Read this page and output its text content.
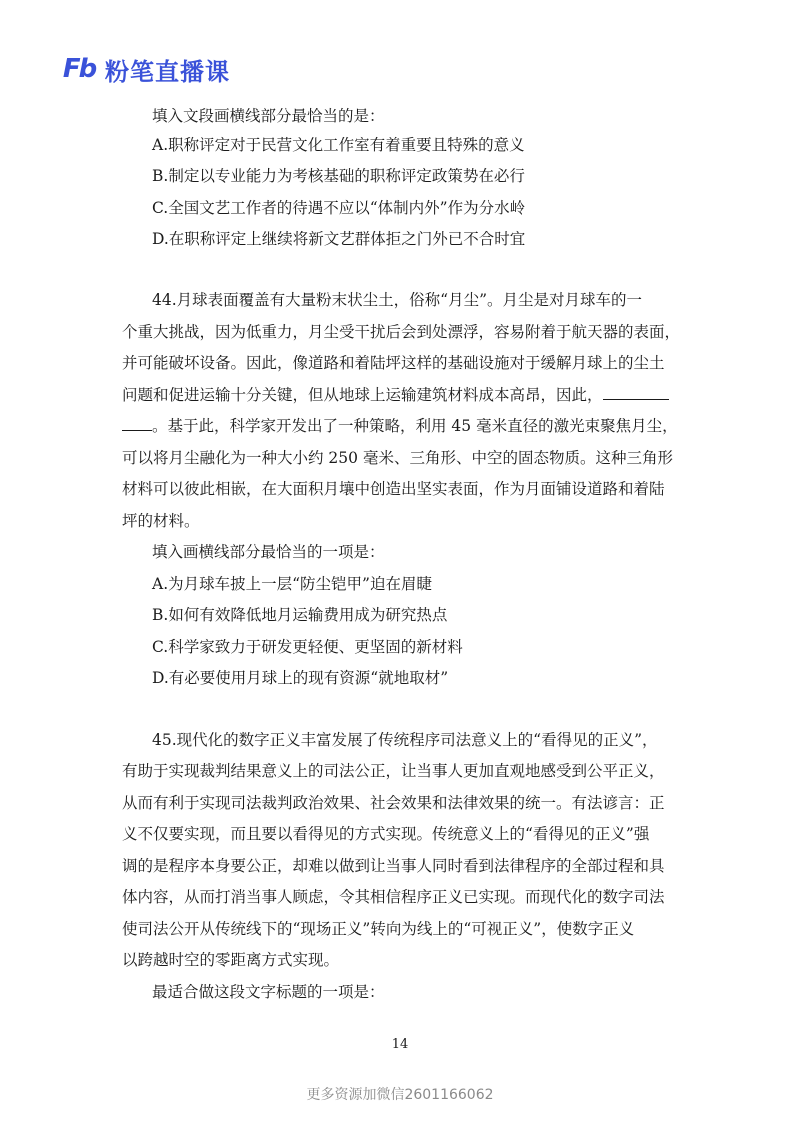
Fb 粉笔直播课
填入文段画横线部分最恰当的是：
A.职称评定对于民营文化工作室有着重要且特殊的意义
B.制定以专业能力为考核基础的职称评定政策势在必行
C.全国文艺工作者的待遇不应以“体制内外”作为分水岭
D.在职称评定上继续将新文艺群体拒之门外已不合时宜
44.月球表面覆盖有大量粉末状尘土，俗称“月尘”。月尘是对月球车的一
个重大挑战，因为低重力，月尘受干扰后会到处漂浮，容易附着于航天器的表面，
并可能破坏设备。因此，像道路和着陆坪这样的基础设施对于缓解月球上的尘土
问题和促进运输十分关键，但从地球上运输建筑材料成本高昂，因此，
。基于此，科学家开发出了一种策略，利用 45 毫米直径的激光束聚焦月尘，
可以将月尘融化为一种大小约 250 毫米、三角形、中空的固态物质。这种三角形
材料可以彼此相嵌，在大面积月壤中创造出坚实表面，作为月面铺设道路和着陆
坪的材料。
填入画横线部分最恰当的一项是：
A.为月球车披上一层“防尘铠甲”迫在眉睫
B.如何有效降低地月运输费用成为研究热点
C.科学家致力于研发更轻便、更坚固的新材料
D.有必要使用月球上的现有资源“就地取材”
45.现代化的数字正义丰富发展了传统程序司法意义上的“看得见的正义”，
有助于实现裁判结果意义上的司法公正，让当事人更加直观地感受到公平正义，
从而有利于实现司法裁判政治效果、社会效果和法律效果的统一。有法谚言：正
义不仅要实现，而且要以看得见的方式实现。传统意义上的“看得见的正义”强
调的是程序本身要公正，却难以做到让当事人同时看到法律程序的全部过程和具
体内容，从而打消当事人顾虑，令其相信程序正义已实现。而现代化的数字司法
使司法公开从传统线下的“现场正义”转向为线上的“可视正义”，使数字正义
以跨越时空的零距离方式实现。
最适合做这段文字标题的一项是：
14
更多资源加微信2601166062
